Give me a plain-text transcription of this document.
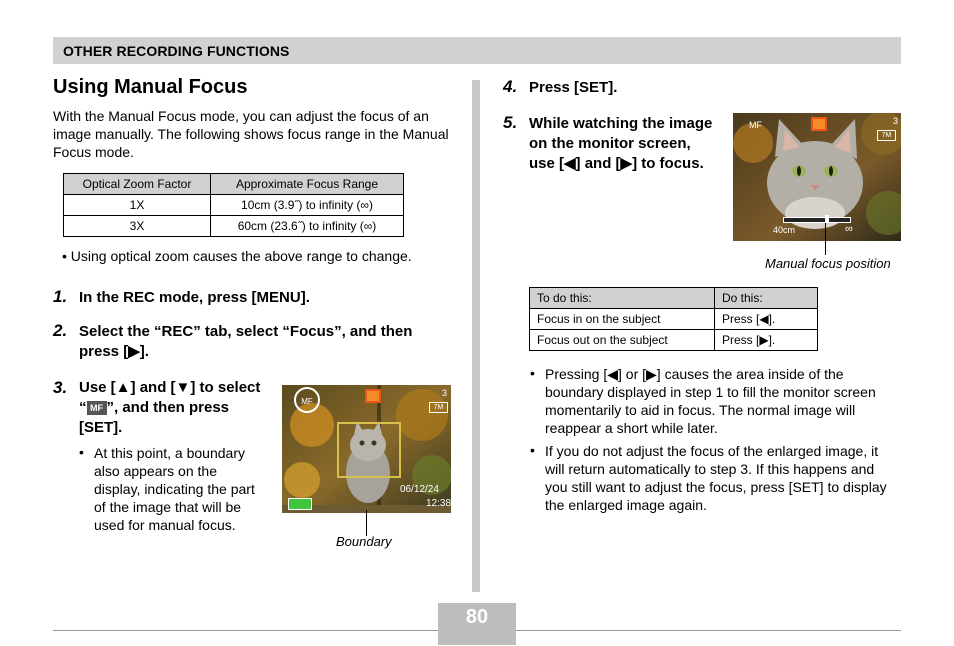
OTHER RECORDING FUNCTIONS
Using Manual Focus
With the Manual Focus mode, you can adjust the focus of an image manually. The following shows focus range in the Manual Focus mode.
Optical Zoom Factor	Approximate Focus Range
1X	10cm (3.9˝) to infinity (∞)
3X	60cm (23.6˝) to infinity (∞)
• Using optical zoom causes the above range to change.
1. In the REC mode, press [MENU].
2. Select the “REC” tab, select “Focus”, and then press [▶].
3. Use [▲] and [▼] to select “ MF ”, and then press [SET].
• At this point, a boundary also appears on the display, indicating the part of the image that will be used for manual focus.
MF
3
7M
06/12/24
12:38
Boundary
4. Press [SET].
5. While watching the image on the monitor screen, use [◀] and [▶] to focus.
MF	3
7M
40cm	∞
Manual focus position
To do this:	Do this:
Focus in on the subject	Press [◀].
Focus out on the subject	Press [▶].
• Pressing [◀] or [▶] causes the area inside of the boundary displayed in step 1 to fill the monitor screen momentarily to aid in focus. The normal image will reappear a short while later.
• If you do not adjust the focus of the enlarged image, it will return automatically to step 3. If this happens and you still want to adjust the focus, press [SET] to display the enlarged image again.
80
